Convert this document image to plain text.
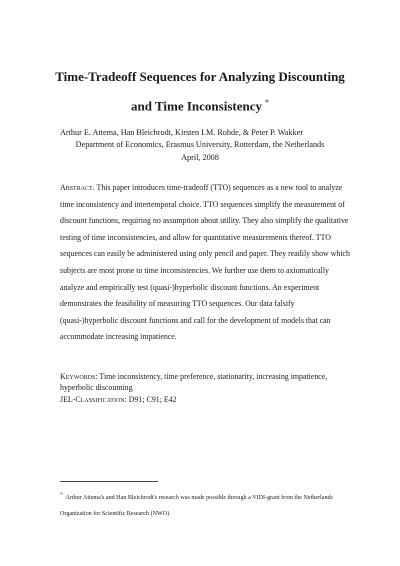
Time-Tradeoff Sequences for Analyzing Discounting
and Time Inconsistency *
Arthur E. Attema, Han Bleichrodt, Kirsten I.M. Rohde, & Peter P. Wakker
Department of Economics, Erasmus University, Rotterdam, the Netherlands
April, 2008

Abstract. This paper introduces time-tradeoff (TTO) sequences as a new tool to analyze time inconsistency and intertemporal choice. TTO sequences simplify the measurement of discount functions, requiring no assumption about utility. They also simplify the qualitative testing of time inconsistencies, and allow for quantitative measurements thereof. TTO sequences can easily be administered using only pencil and paper. They readily show which subjects are most prone to time inconsistencies. We further use them to axiomatically analyze and empirically test (quasi-)hyperbolic discount functions. An experiment demonstrates the feasibility of measuring TTO sequences. Our data falsify (quasi-)hyperbolic discount functions and call for the development of models that can accommodate increasing impatience.

Keywords: Time inconsistency, time preference, stationarity, increasing impatience, hyperbolic discounting

JEL-Classification: D91; C91; E42

* Arthur Attema's and Han Bleichrodt's research was made possible through a VIDI-grant from the Netherlands Organization for Scientific Research (NWO).
